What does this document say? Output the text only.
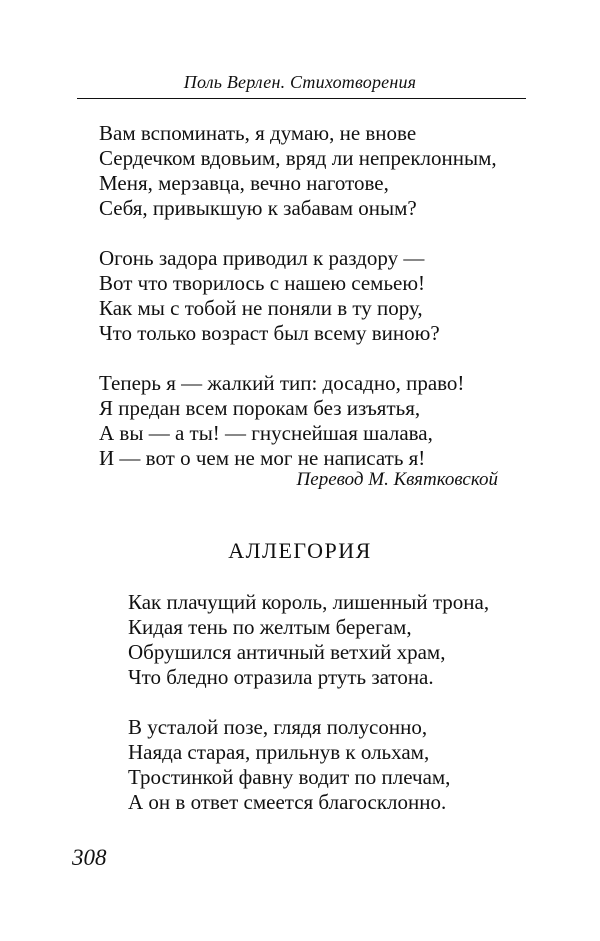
Поль Верлен. Стихотворения
Вам вспоминать, я думаю, не внове
Сердечком вдовьим, вряд ли непреклонным,
Меня, мерзавца, вечно наготове,
Себя, привыкшую к забавам оным?
Огонь задора приводил к раздору —
Вот что творилось с нашею семьею!
Как мы с тобой не поняли в ту пору,
Что только возраст был всему виною?
Теперь я — жалкий тип: досадно, право!
Я предан всем порокам без изъятья,
А вы — а ты! — гнуснейшая шалава,
И — вот о чем не мог не написать я!
Перевод М. Квятковской
АЛЛЕГОРИЯ
Как плачущий король, лишенный трона,
Кидая тень по желтым берегам,
Обрушился античный ветхий храм,
Что бледно отразила ртуть затона.
В усталой позе, глядя полусонно,
Наяда старая, прильнув к ольхам,
Тростинкой фавну водит по плечам,
А он в ответ смеется благосклонно.
308
